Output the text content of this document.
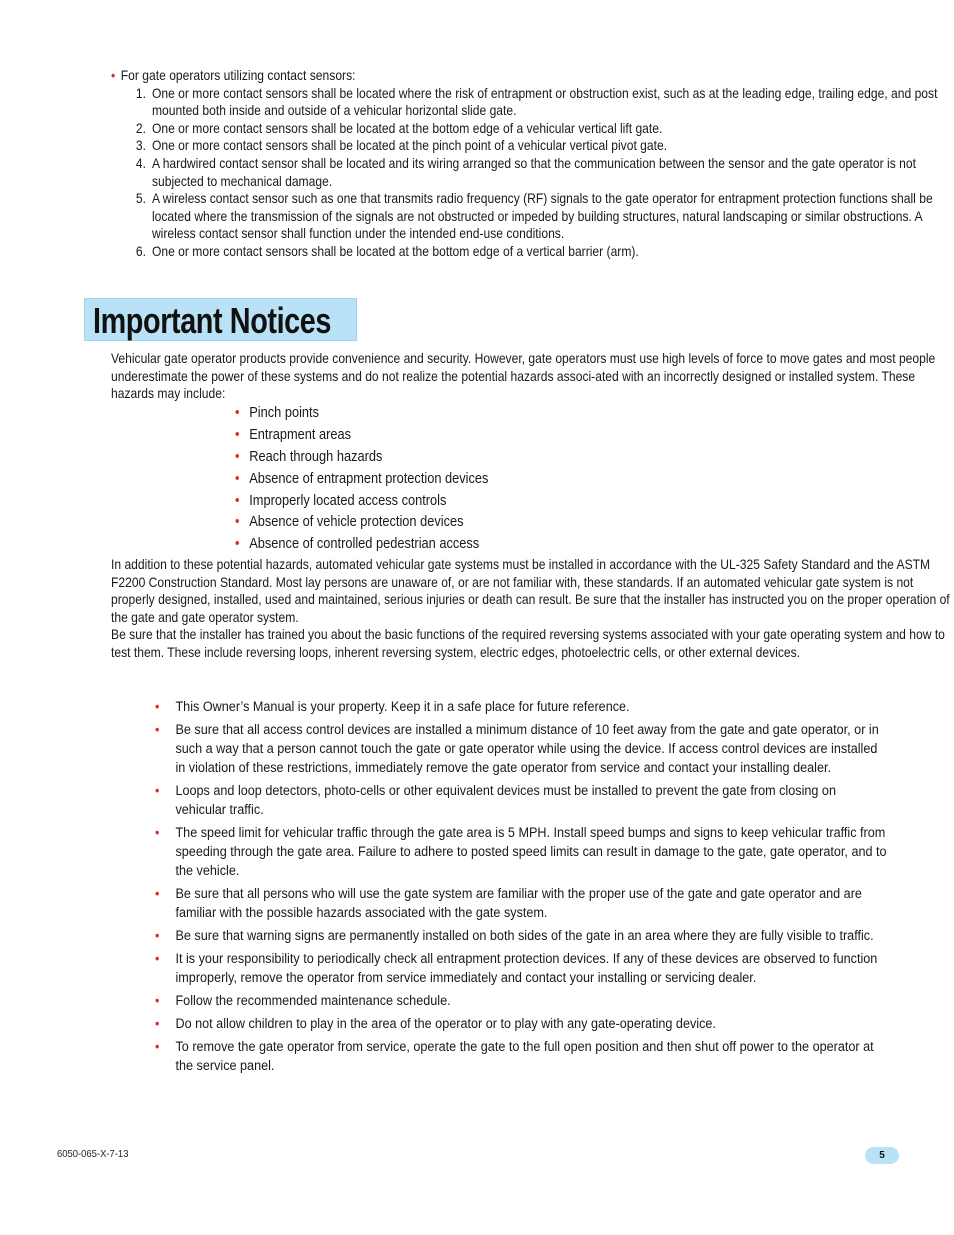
• For gate operators utilizing contact sensors:
1. One or more contact sensors shall be located where the risk of entrapment or obstruction exist, such as at the leading edge, trailing edge, and post mounted both inside and outside of a vehicular horizontal slide gate.
2. One or more contact sensors shall be located at the bottom edge of a vehicular vertical lift gate.
3. One or more contact sensors shall be located at the pinch point of a vehicular vertical pivot gate.
4. A hardwired contact sensor shall be located and its wiring arranged so that the communication between the sensor and the gate operator is not subjected to mechanical damage.
5. A wireless contact sensor such as one that transmits radio frequency (RF) signals to the gate operator for entrapment protection functions shall be located where the transmission of the signals are not obstructed or impeded by building structures, natural landscaping or similar obstructions. A wireless contact sensor shall function under the intended end-use conditions.
6. One or more contact sensors shall be located at the bottom edge of a vertical barrier (arm).
Important Notices

Vehicular gate operator products provide convenience and security. However, gate operators must use high levels of force to move gates and most people underestimate the power of these systems and do not realize the potential hazards associ-ated with an incorrectly designed or installed system. These hazards may include:

• Pinch points
• Entrapment areas
• Reach through hazards
• Absence of entrapment protection devices
• Improperly located access controls
• Absence of vehicle protection devices
• Absence of controlled pedestrian access

In addition to these potential hazards, automated vehicular gate systems must be installed in accordance with the UL-325 Safety Standard and the ASTM F2200 Construction Standard. Most lay persons are unaware of, or are not familiar with, these standards. If an automated vehicular gate system is not properly designed, installed, used and maintained, serious injuries or death can result. Be sure that the installer has instructed you on the proper operation of the gate and gate operator system.

Be sure that the installer has trained you about the basic functions of the required reversing systems associated with your gate operating system and how to test them. These include reversing loops, inherent reversing system, electric edges, photoelectric cells, or other external devices.

• This Owner’s Manual is your property. Keep it in a safe place for future reference.
• Be sure that all access control devices are installed a minimum distance of 10 feet away from the gate and gate operator, or in such a way that a person cannot touch the gate or gate operator while using the device. If access control devices are installed in violation of these restrictions, immediately remove the gate operator from service and contact your installing dealer.
• Loops and loop detectors, photo-cells or other equivalent devices must be installed to prevent the gate from closing on vehicular traffic.
• The speed limit for vehicular traffic through the gate area is 5 MPH. Install speed bumps and signs to keep vehicular traffic from speeding through the gate area. Failure to adhere to posted speed limits can result in damage to the gate, gate operator, and to the vehicle.
• Be sure that all persons who will use the gate system are familiar with the proper use of the gate and gate operator and are familiar with the possible hazards associated with the gate system.
• Be sure that warning signs are permanently installed on both sides of the gate in an area where they are fully visible to traffic.
• It is your responsibility to periodically check all entrapment protection devices. If any of these devices are observed to function improperly, remove the operator from service immediately and contact your installing or servicing dealer.
• Follow the recommended maintenance schedule.
• Do not allow children to play in the area of the operator or to play with any gate-operating device.
• To remove the gate operator from service, operate the gate to the full open position and then shut off power to the operator at the service panel.
6050-065-X-7-13	5
